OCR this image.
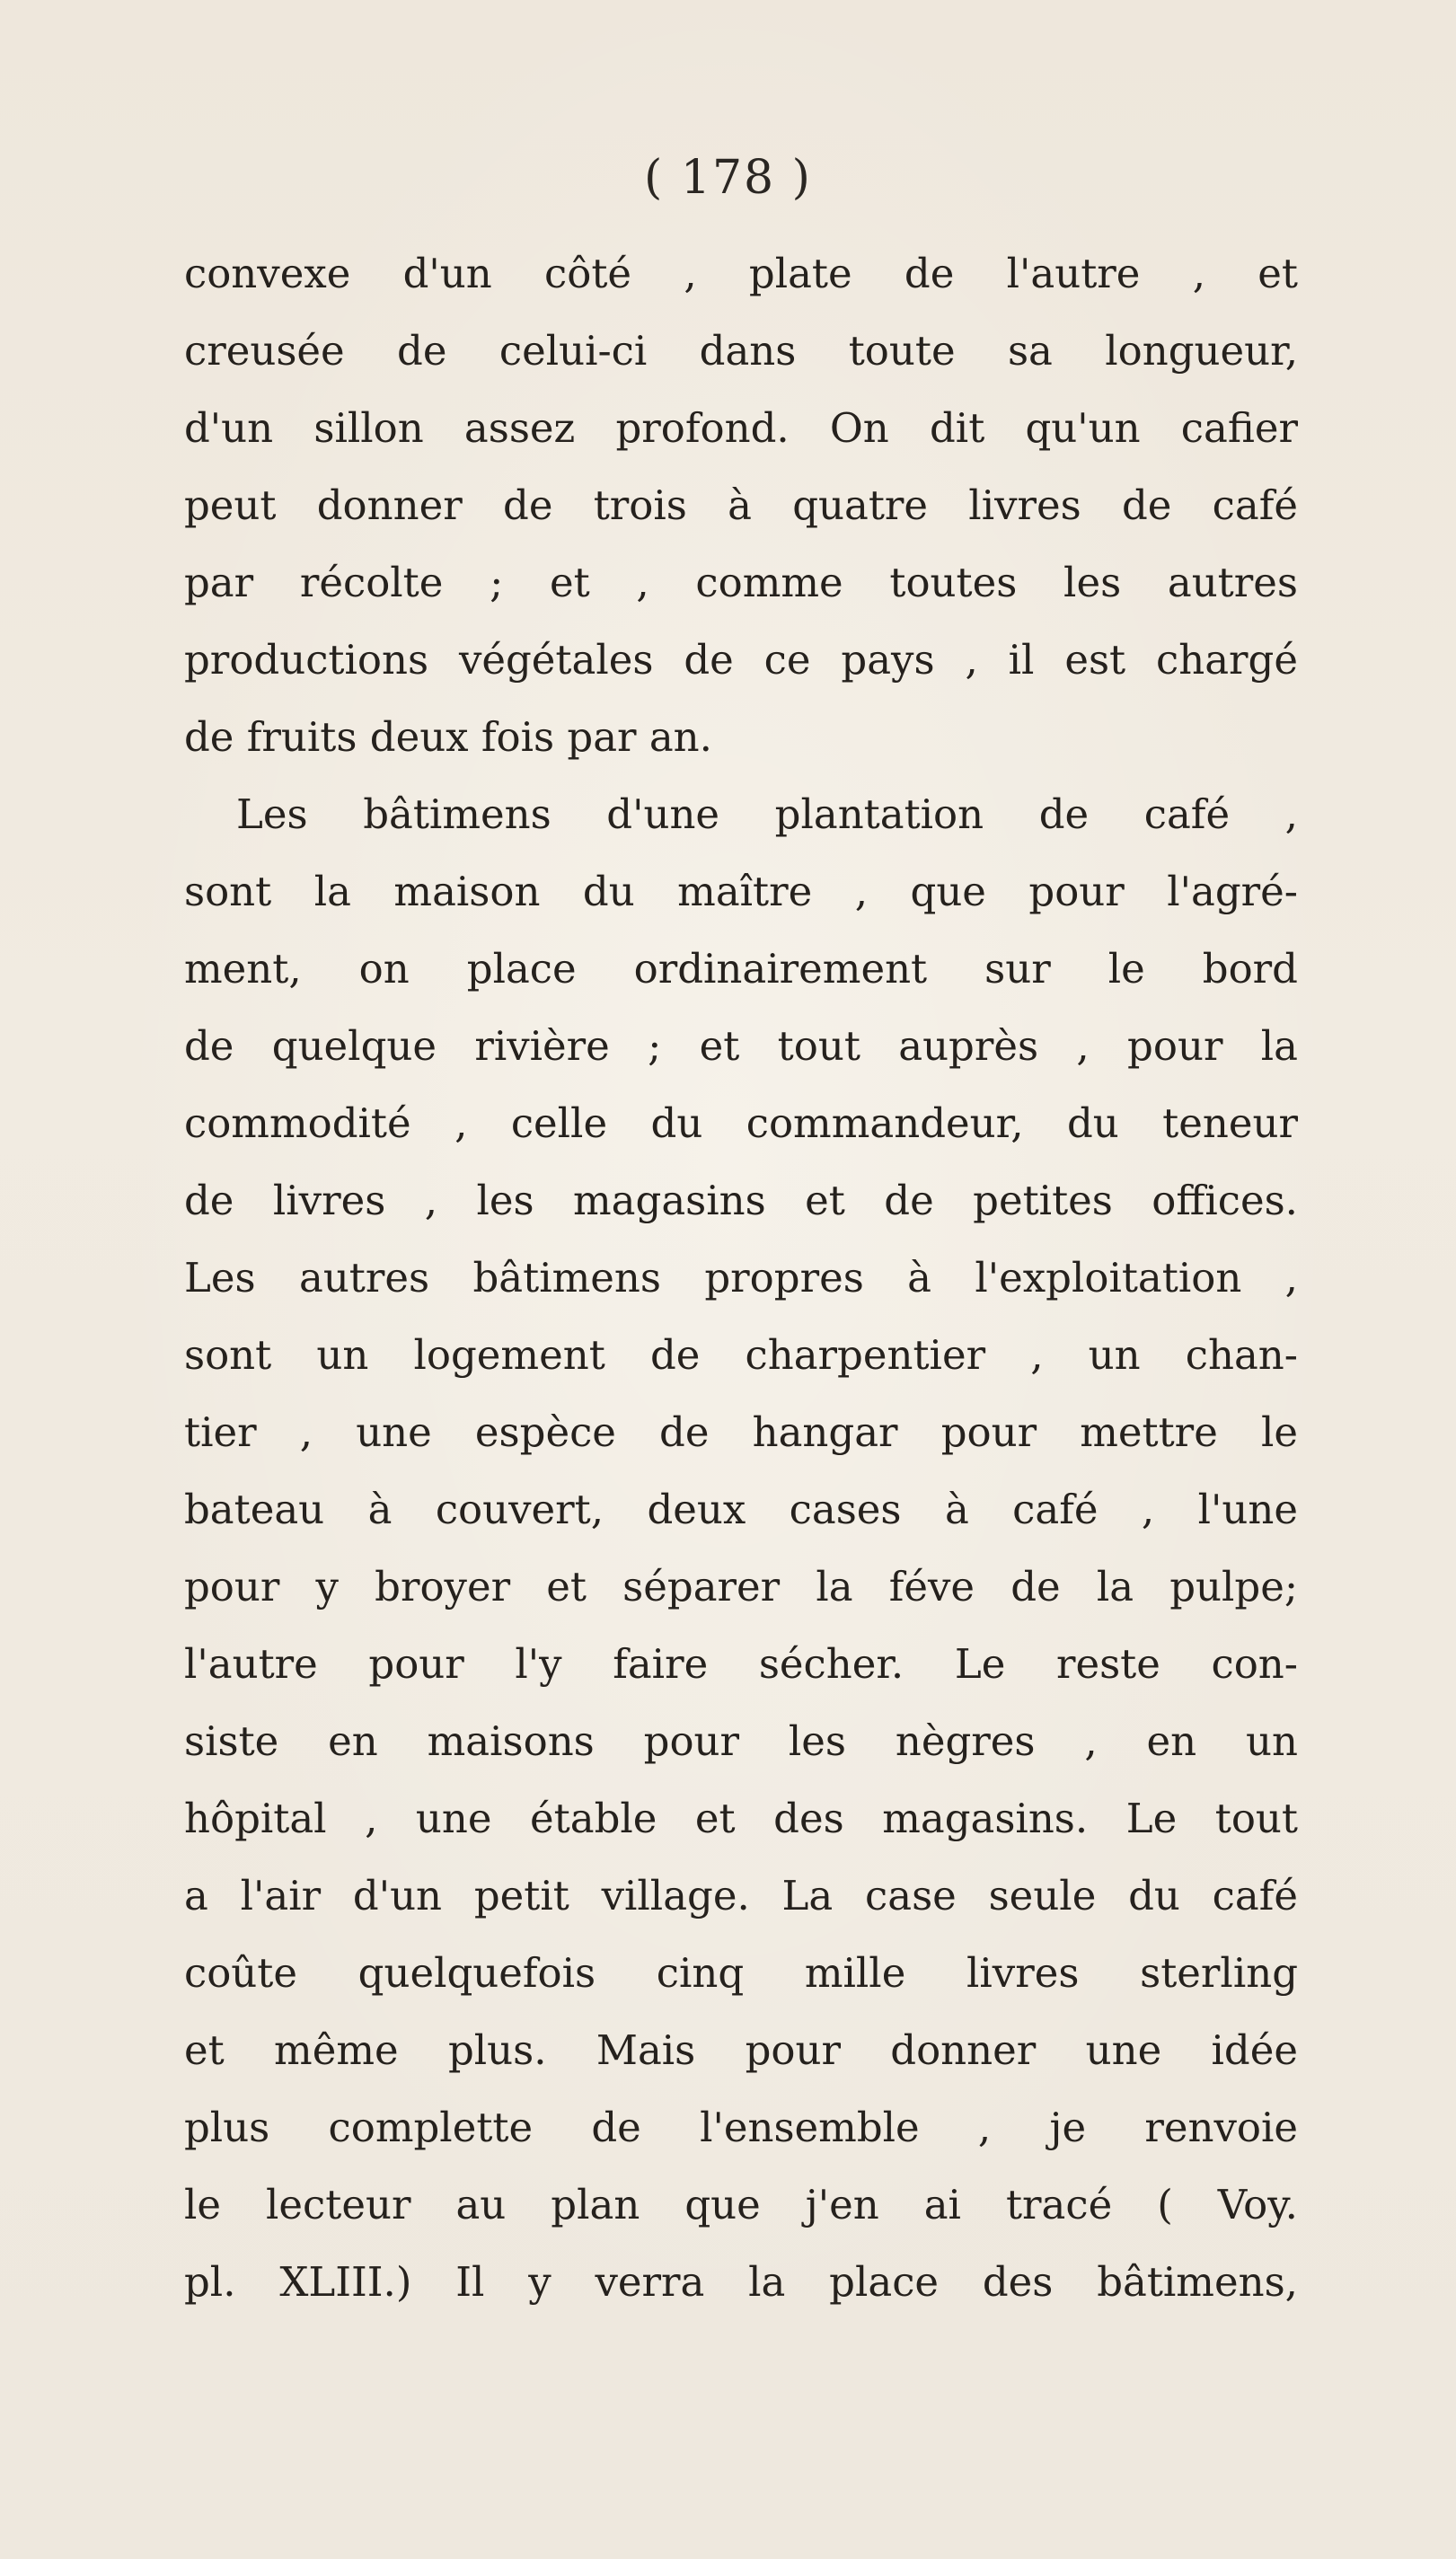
( 178 )
convexe d'un côté , plate de l'autre , et
creusée de celui-ci dans toute sa longueur,
d'un sillon assez profond. On dit qu'un cafier
peut donner de trois à quatre livres de café
par récolte ; et , comme toutes les autres
productions végétales de ce pays , il est chargé
de fruits deux fois par an.
Les bâtimens d'une plantation de café ,
sont la maison du maître , que pour l'agré-
ment, on place ordinairement sur le bord
de quelque rivière ; et tout auprès , pour la
commodité , celle du commandeur, du teneur
de livres , les magasins et de petites offices.
Les autres bâtimens propres à l'exploitation ,
sont un logement de charpentier , un chan-
tier , une espèce de hangar pour mettre le
bateau à couvert, deux cases à café , l'une
pour y broyer et séparer la féve de la pulpe;
l'autre pour l'y faire sécher. Le reste con-
siste en maisons pour les nègres , en un
hôpital , une étable et des magasins. Le tout
a l'air d'un petit village. La case seule du café
coûte quelquefois cinq mille livres sterling
et même plus. Mais pour donner une idée
plus complette de l'ensemble , je renvoie
le lecteur au plan que j'en ai tracé ( Voy.
pl. XLIII.) Il y verra la place des bâtimens,
